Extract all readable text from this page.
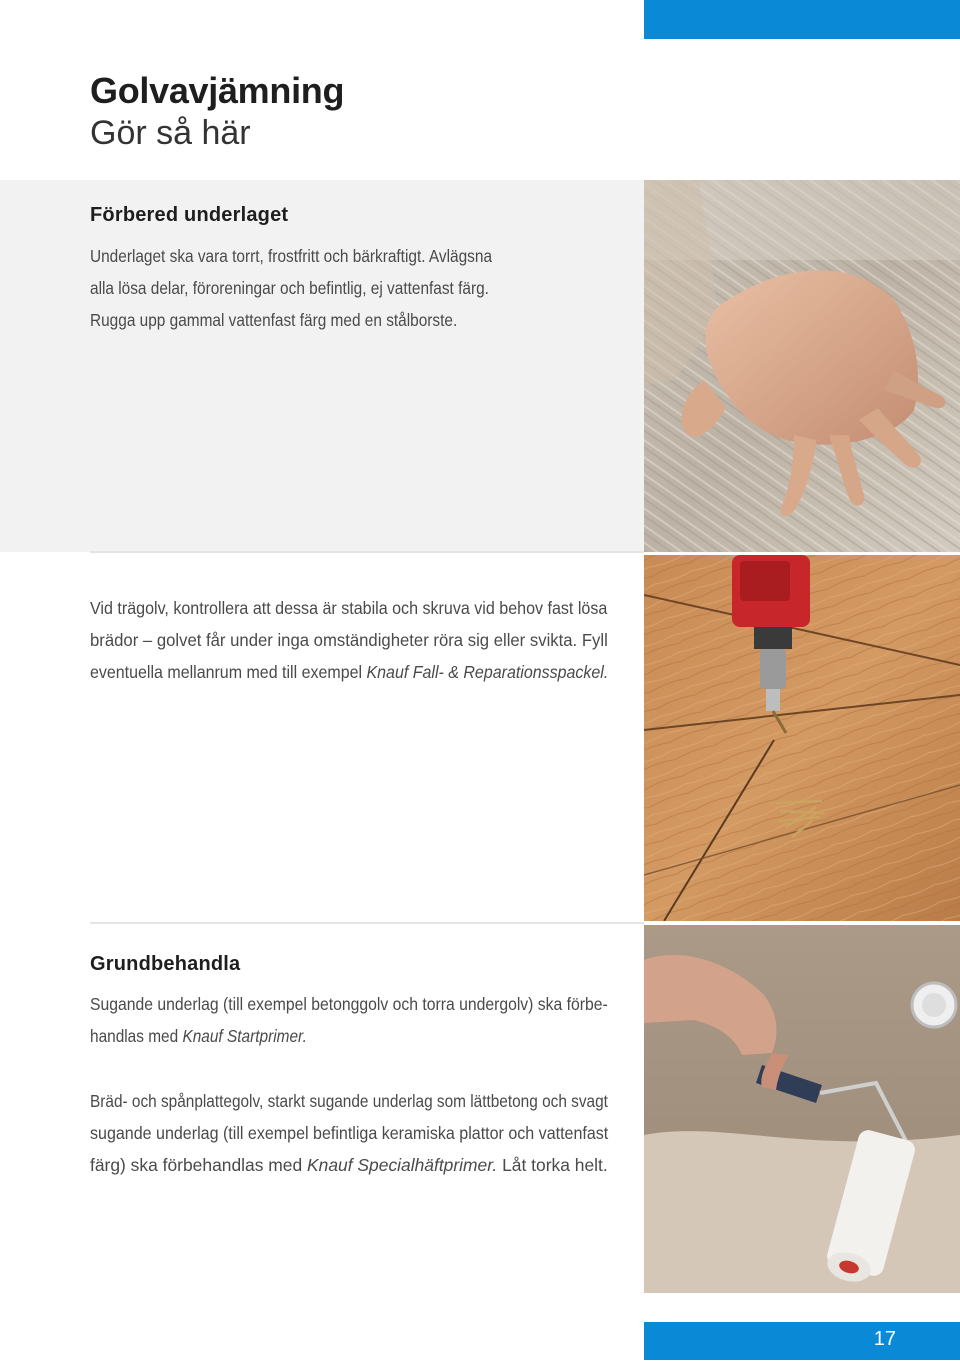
Golvavjämning
Gör så här
Förbered underlaget
Underlaget ska vara torrt, frostfritt och bärkraftigt. Avlägsna
alla lösa delar, föroreningar och befintlig, ej vattenfast färg.
Rugga upp gammal vattenfast färg med en stålborste.
Vid trägolv, kontrollera att dessa är stabila och skruva vid behov fast lösa
brädor – golvet får under inga omständigheter röra sig eller svikta. Fyll
eventuella mellanrum med till exempel Knauf Fall- & Reparationsspackel.
Grundbehandla
Sugande underlag (till exempel betonggolv och torra undergolv) ska förbe-
handlas med Knauf Startprimer.
Bräd- och spånplattegolv, starkt sugande underlag som lättbetong och svagt
sugande underlag (till exempel befintliga keramiska plattor och vattenfast
färg) ska förbehandlas med Knauf Specialhäftprimer. Låt torka helt.
17
